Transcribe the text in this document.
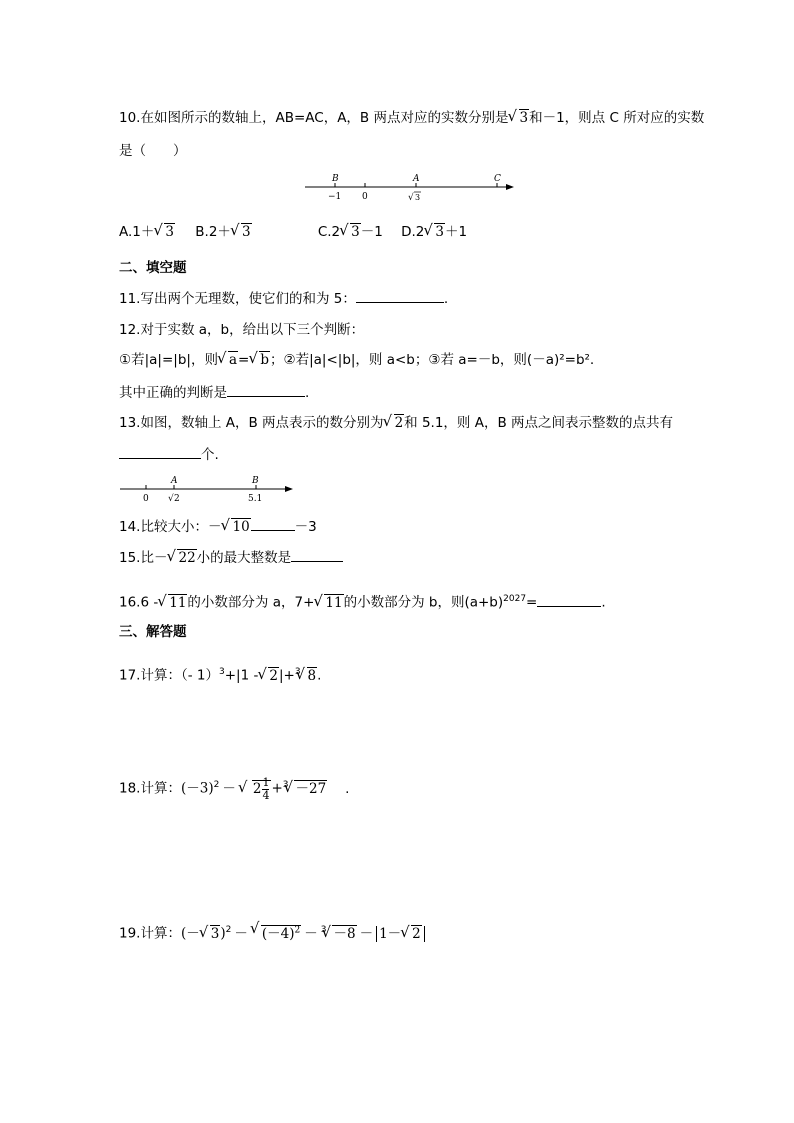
10.在如图所示的数轴上，AB=AC，A，B 两点对应的实数分别是√ 3和－1，则点 C 所对应的实数
是（　　）
B	A	C
−1 0	√ 3
A.1＋√ 3 B.2＋√ 3	C.2√ 3－1 D.2√ 3＋1
二、填空题
11.写出两个无理数，使它们的和为 5：	.
12.对于实数 a，b，给出以下三个判断：
①若|a|=|b|，则√ a=√ b；②若|a|<|b|，则 a<b；③若 a=－b，则(－a)²=b².
其中正确的判断是	.
13.如图，数轴上 A，B 两点表示的数分别为√ 2和 5.1，则 A，B 两点之间表示整数的点共有
个.
A	B
0 √ 2	5.1
14.比较大小：－√ 10	－3
15.比－√ 22小的最大整数是
16.6 -√ 11的小数部分为 a，7+√ 11的小数部分为 b，则$(a+b)^{2027}=$	.
三、解答题
17.计算：（- 1）$^3$+|1 -√ 2|+$^3$√ 8.
18.计算：$(-3)^2$ －√ $2 \frac{1}{4} +^3√ -27$ .
19.计算：(－√ 3)$^2$ －√ $(-4)^2 - ^3√ -8 - 1-√$ 2
